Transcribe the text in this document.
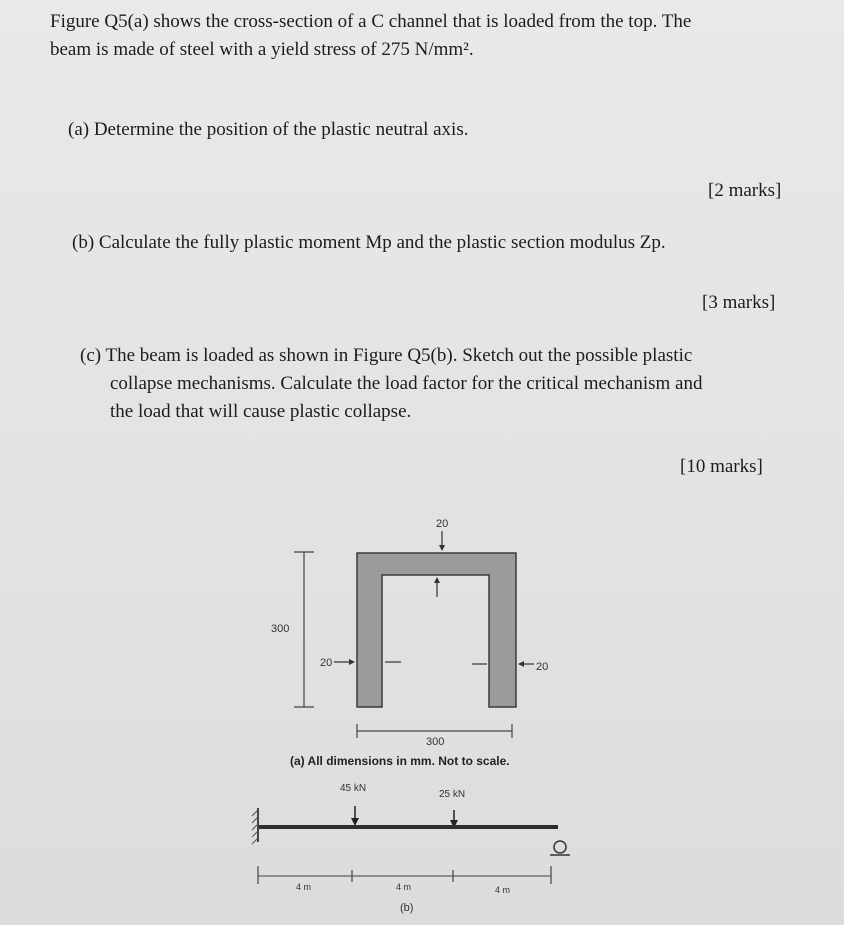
Figure Q5(a) shows the cross-section of a C channel that is loaded from the top. The
beam is made of steel with a yield stress of 275 N/mm².
(a) Determine the position of the plastic neutral axis.
[2 marks]
(b) Calculate the fully plastic moment Mp and the plastic section modulus Zp.
[3 marks]
(c) The beam is loaded as shown in Figure Q5(b). Sketch out the possible plastic
collapse mechanisms. Calculate the load factor for the critical mechanism and
the load that will cause plastic collapse.
[10 marks]
20
300
20	20
300
(a) All dimensions in mm. Not to scale.
45 kN
25 kN
4 m	4 m	4 m
(b)
